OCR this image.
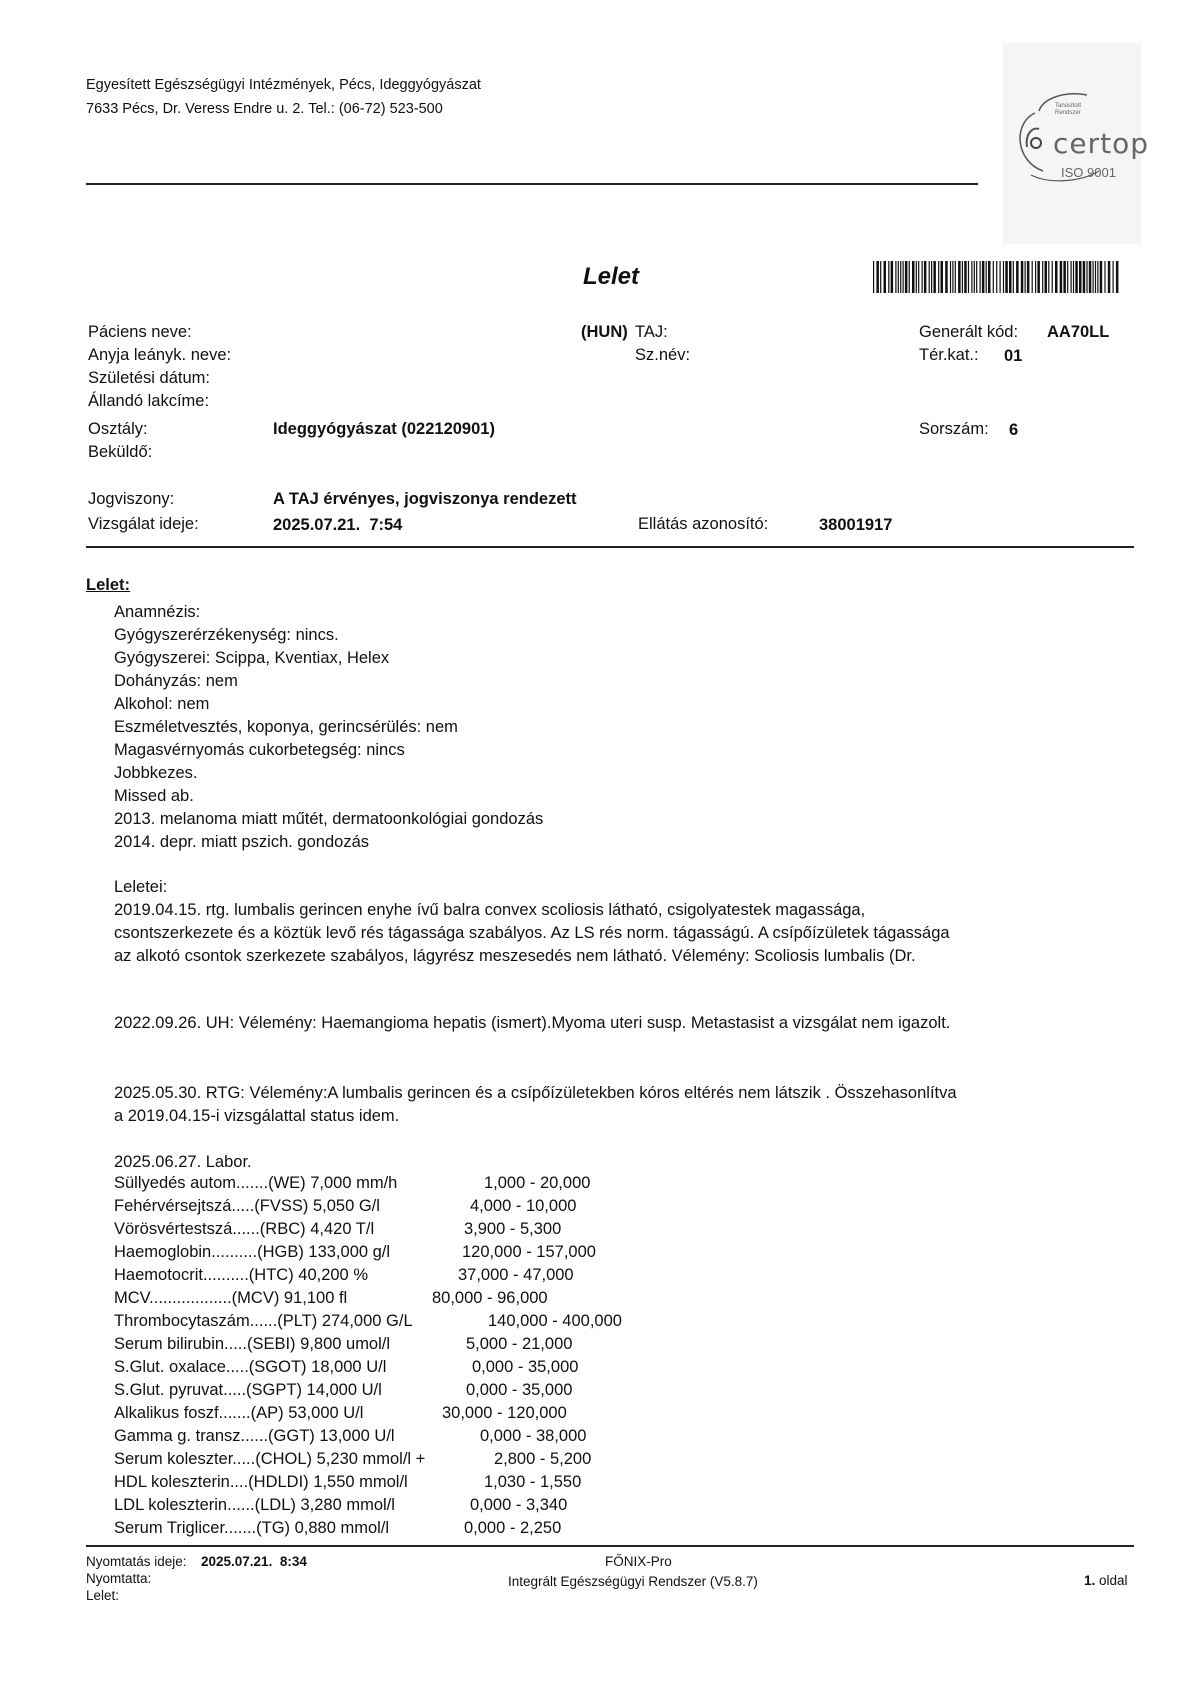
Egyesített Egészségügyi Intézmények, Pécs, Ideggyógyászat
7633 Pécs, Dr. Veress Endre u. 2. Tel.: (06-72) 523-500	Tanúsított Rendszer
certop
ISO 9001
Lelet
Páciens neve:
Anyja leányk. neve:
Születési dátum:
Állandó lakcíme:
(HUN) TAJ:
Sz.név:
Generált kód: AA70LL
Tér.kat.: 01
Osztály:	Ideggyógyászat (022120901)	Sorszám: 6
Beküldő:
Jogviszony:	A TAJ érvényes, jogviszonya rendezett
Vizsgálat ideje:	2025.07.21.  7:54	Ellátás azonosító:	38001917
Lelet:
Anamnézis:
Gyógyszerérzékenység: nincs.
Gyógyszerei: Scippa, Kventiax, Helex
Dohányzás: nem
Alkohol: nem
Eszméletvesztés, koponya, gerincsérülés: nem
Magasvérnyomás cukorbetegség: nincs
Jobbkezes.
Missed ab.
2013. melanoma miatt műtét, dermatoonkológiai gondozás
2014. depr. miatt pszich. gondozás
Leletei:
2019.04.15. rtg. lumbalis gerincen enyhe ívű balra convex scoliosis látható, csigolyatestek magassága,
csontszerkezete és a köztük levő rés tágassága szabályos. Az LS rés norm. tágasságú. A csípőízületek tágassága
az alkotó csontok szerkezete szabályos, lágyrész meszesedés nem látható. Vélemény: Scoliosis lumbalis (Dr.
2022.09.26. UH: Vélemény: Haemangioma hepatis (ismert).Myoma uteri susp. Metastasist a vizsgálat nem igazolt.
2025.05.30. RTG: Vélemény:A lumbalis gerincen és a csípőízületekben kóros eltérés nem látszik . Összehasonlítva
a 2019.04.15-i vizsgálattal status idem.
2025.06.27. Labor.
Süllyedés autom.......(WE) 7,000 mm/h	1,000 - 20,000
Fehérvérsejtszá.....(FVSS) 5,050 G/l	4,000 - 10,000
Vörösvértestszá......(RBC) 4,420 T/l	3,900 - 5,300
Haemoglobin..........(HGB) 133,000 g/l	120,000 - 157,000
Haemotocrit..........(HTC) 40,200 %	37,000 - 47,000
MCV..................(MCV) 91,100 fl	80,000 - 96,000
Thrombocytaszám......(PLT) 274,000 G/L	140,000 - 400,000
Serum bilirubin.....(SEBI) 9,800 umol/l	5,000 - 21,000
S.Glut. oxalace.....(SGOT) 18,000 U/l	0,000 - 35,000
S.Glut. pyruvat.....(SGPT) 14,000 U/l	0,000 - 35,000
Alkalikus foszf.......(AP) 53,000 U/l	30,000 - 120,000
Gamma g. transz......(GGT) 13,000 U/l	0,000 - 38,000
Serum koleszter.....(CHOL) 5,230 mmol/l +	2,800 - 5,200
HDL koleszterin....(HDLDI) 1,550 mmol/l	1,030 - 1,550
LDL koleszterin......(LDL) 3,280 mmol/l	0,000 - 3,340
Serum Triglicer.......(TG) 0,880 mmol/l	0,000 - 2,250
Nyomtatás ideje: 2025.07.21.  8:34
Nyomtatta:
Lelet:
FŐNIX-Pro
Integrált Egészségügyi Rendszer (V5.8.7)	1. oldal
